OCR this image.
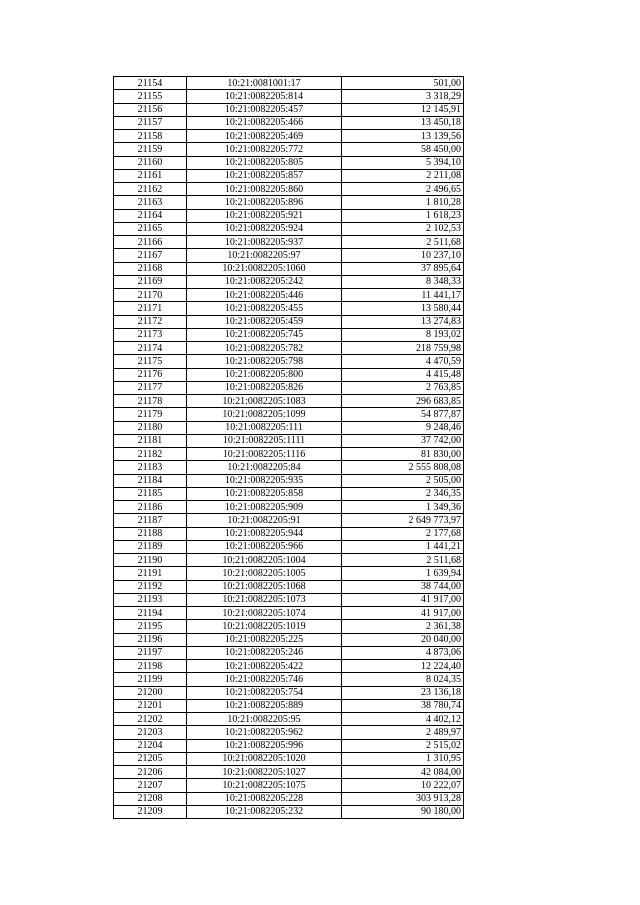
21154	10:21:0081001:17	501,00
21155	10:21:0082205:814	3 318,29
21156	10:21:0082205:457	12 145,91
21157	10:21:0082205:466	13 450,18
21158	10:21:0082205:469	13 139,56
21159	10:21:0082205:772	58 450,00
21160	10:21:0082205:805	5 394,10
21161	10:21:0082205:857	2 211,08
21162	10:21:0082205:860	2 496,65
21163	10:21:0082205:896	1 810,28
21164	10:21:0082205:921	1 618,23
21165	10:21:0082205:924	2 102,53
21166	10:21:0082205:937	2 511,68
21167	10:21:0082205:97	10 237,10
21168	10:21:0082205:1060	37 895,64
21169	10:21:0082205:242	8 348,33
21170	10:21:0082205:446	11 441,17
21171	10:21:0082205:455	13 580,44
21172	10:21:0082205:459	13 274,83
21173	10:21:0082205:745	8 193,02
21174	10:21:0082205:782	218 759,98
21175	10:21:0082205:798	4 470,59
21176	10:21:0082205:800	4 415,48
21177	10:21:0082205:826	2 763,85
21178	10:21:0082205:1083	296 683,85
21179	10:21:0082205:1099	54 877,87
21180	10:21:0082205:111	9 248,46
21181	10:21:0082205:1111	37 742,00
21182	10:21:0082205:1116	81 830,00
21183	10:21:0082205:84	2 555 808,08
21184	10:21:0082205:935	2 505,00
21185	10:21:0082205:858	2 346,35
21186	10:21:0082205:909	1 349,36
21187	10:21:0082205:91	2 649 773,97
21188	10:21:0082205:944	2 177,68
21189	10:21:0082205:966	1 441,21
21190	10:21:0082205:1004	2 511,68
21191	10:21:0082205:1005	1 639,94
21192	10:21:0082205:1068	38 744,00
21193	10:21:0082205:1073	41 917,00
21194	10:21:0082205:1074	41 917,00
21195	10:21:0082205:1019	2 361,38
21196	10:21:0082205:225	20 040,00
21197	10:21:0082205:246	4 873,06
21198	10:21:0082205:422	12 224,40
21199	10:21:0082205:746	8 024,35
21200	10:21:0082205:754	23 136,18
21201	10:21:0082205:889	38 780,74
21202	10:21:0082205:95	4 402,12
21203	10:21:0082205:962	2 489,97
21204	10:21:0082205:996	2 515,02
21205	10:21:0082205:1020	1 310,95
21206	10:21:0082205:1027	42 084,00
21207	10:21:0082205:1075	10 222,07
21208	10:21:0082205:228	303 913,28
21209	10:21:0082205:232	90 180,00
